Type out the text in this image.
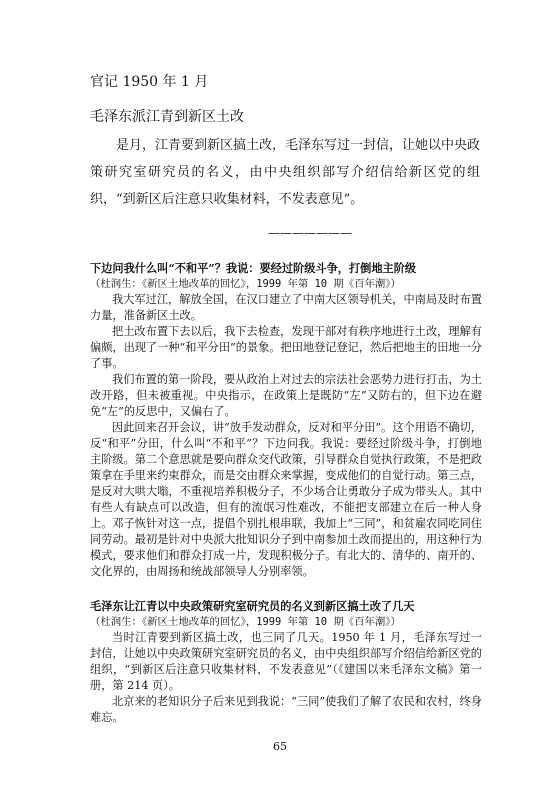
官记 1950 年 1 月
毛泽东派江青到新区土改
是月，江青要到新区搞土改，毛泽东写过一封信，让她以中央政策研究室研究员的名义，由中央组织部写介绍信给新区党的组织，“到新区后注意只收集材料，不发表意见”。
———————

下边问我什么叫“不和平”？我说：要经过阶级斗争，打倒地主阶级

（杜润生：《新区土地改革的回忆》，1999 年第 10 期《百年潮》）

我大军过江，解放全国，在汉口建立了中南大区领导机关，中南局及时布置力量，准备新区土改。

把土改布置下去以后，我下去检查，发现干部对有秩序地进行土改，理解有偏颇，出现了一种“和平分田”的景象。把田地登记登记，然后把地主的田地一分了事。

我们布置的第一阶段，要从政治上对过去的宗法社会恶势力进行打击，为土改开路，但未被重视。中央指示，在政策上是既防“左”又防右的，但下边在避免“左”的反思中，又偏右了。

因此回来召开会议，讲“放手发动群众，反对和平分田”。这个用语不确切，反“和平”分田，什么叫“不和平”？下边问我。我说：要经过阶级斗争，打倒地主阶级。第二个意思就是要向群众交代政策，引导群众自觉执行政策，不是把政策拿在手里来约束群众，而是交由群众来掌握，变成他们的自觉行动。第三点，是反对大哄大嗡，不重视培养积极分子，不少场合让勇敢分子成为带头人。其中有些人有缺点可以改造，但有的流氓习性难改，不能把支部建立在后一种人身上。邓子恢针对这一点，提倡个别扎根串联，我加上“三同”，和贫雇农同吃同住同劳动。最初是针对中央派大批知识分子到中南参加土改而提出的，用这种行为模式，要求他们和群众打成一片，发现积极分子。有北大的、清华的、南开的、文化界的，由周扬和统战部领导人分别率领。

毛泽东让江青以中央政策研究室研究员的名义到新区搞土改了几天

（杜润生：《新区土地改革的回忆》，1999 年第 10 期《百年潮》）

当时江青要到新区搞土改，也三同了几天。1950 年 1 月，毛泽东写过一封信，让她以中央政策研究室研究员的名义，由中央组织部写介绍信给新区党的组织，“到新区后注意只收集材料，不发表意见”（《建国以来毛泽东文稿》第一册，第 214 页）。

北京来的老知识分子后来见到我说：“三同”使我们了解了农民和农村，终身难忘。

65
